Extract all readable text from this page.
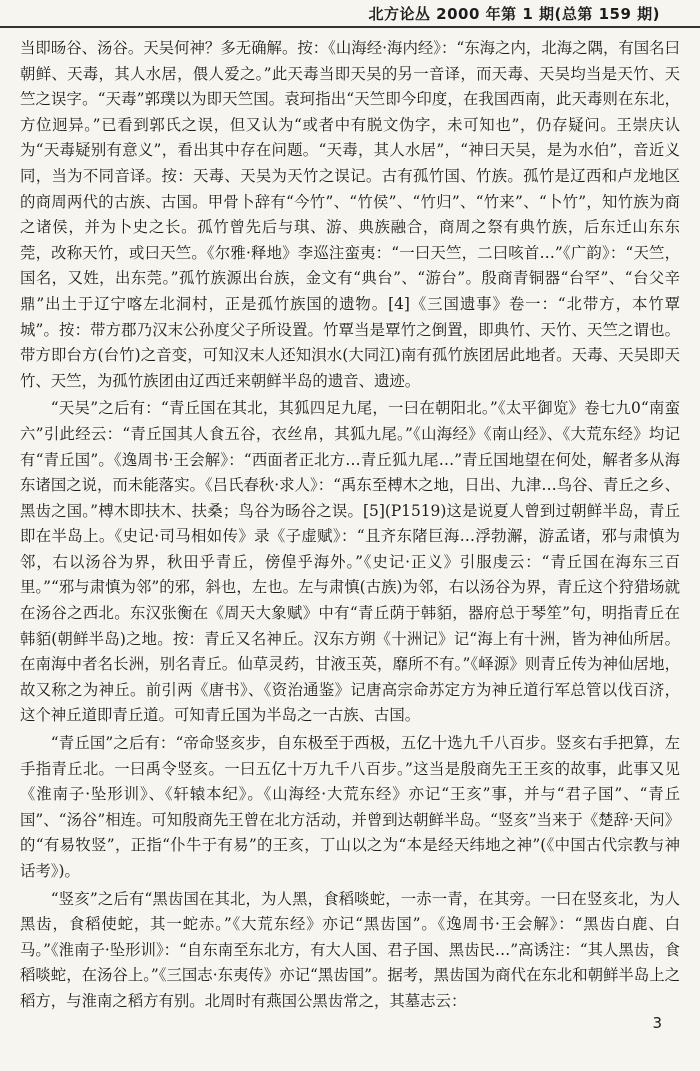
北方论丛 2000 年第 1 期(总第 159 期)

当即旸谷、汤谷。天吴何神？多无确解。按：《山海经·海内经》：“东海之内，北海之隅，有国名曰朝鲜、天毒，其人水居，偎人爱之。”此天毒当即天吴的另一音译，而天毒、天吴均当是天竹、天竺之误字。“天毒”郭璞以为即天竺国。袁珂指出“天竺即今印度，在我国西南，此天毒则在东北，方位迥异。”已看到郭氏之误，但又认为“或者中有脱文伪字，未可知也”，仍存疑问。王崇庆认为“天毒疑别有意义”，看出其中存在问题。“天毒，其人水居”，“神曰天吴，是为水伯”，音近义同，当为不同音译。按：天毒、天吴为天竹之误记。古有孤竹国、竹族。孤竹是辽西和卢龙地区的商周两代的古族、古国。甲骨卜辞有“今竹”、“竹侯”、“竹归”、“竹来”、“卜竹”，知竹族为商之诸侯，并为卜史之长。孤竹曾先后与琪、游、典族融合，商周之祭有典竹族，后东迁山东东莞，改称天竹，或曰天竺。《尔雅·释地》李巡注蛮夷：“一曰天竺，二曰咳首…”《广韵》：“天竺，国名，又姓，出东莞。”孤竹族源出台族，金文有“典台”、“游台”。殷商青铜器“台罕”、“台父辛鼎”出土于辽宁喀左北洞村，正是孤竹族国的遗物。[4]《三国遗事》卷一：“北带方，本竹覃城”。按：带方郡乃汉末公孙度父子所设置。竹覃当是覃竹之倒置，即典竹、天竹、天竺之谓也。带方即台方(台竹)之音变，可知汉末人还知浿水(大同江)南有孤竹族团居此地者。天毒、天吴即天竹、天竺，为孤竹族团由辽西迁来朝鲜半岛的遗音、遗迹。

“天吴”之后有：“青丘国在其北，其狐四足九尾，一曰在朝阳北。”《太平御览》卷七九0“南蛮六”引此经云：“青丘国其人食五谷，衣丝帛，其狐九尾。”《山海经》《南山经》、《大荒东经》均记有“青丘国”。《逸周书·王会解》：“西面者正北方…青丘狐九尾…”青丘国地望在何处，解者多从海东诸国之说，而未能落实。《吕氏春秋·求人》：“禹东至榑木之地，日出、九津…鸟谷、青丘之乡、黑齿之国。”榑木即扶木、扶桑；鸟谷为旸谷之误。[5](P1519)这是说夏人曾到过朝鲜半岛，青丘即在半岛上。《史记·司马相如传》录《子虚赋》：“且齐东陼巨海…浮勃澥，游孟诸，邪与肃慎为邻，右以汤谷为界，秋田乎青丘，傍偟乎海外。”《史记·正义》引服虔云：“青丘国在海东三百里。”“邪与肃慎为邻”的邪，斜也，左也。左与肃慎(古族)为邻，右以汤谷为界，青丘这个狩猎场就在汤谷之西北。东汉张衡在《周天大象赋》中有“青丘荫于韩貊，器府总于琴笙”句，明指青丘在韩貊(朝鲜半岛)之地。按：青丘又名神丘。汉东方朔《十洲记》记“海上有十洲，皆为神仙所居。在南海中者名长洲，别名青丘。仙草灵药，甘液玉英，靡所不有。”《峄源》则青丘传为神仙居地，故又称之为神丘。前引两《唐书》、《资治通鉴》记唐高宗命苏定方为神丘道行军总管以伐百济，这个神丘道即青丘道。可知青丘国为半岛之一古族、古国。

“青丘国”之后有：“帝命竖亥步，自东极至于西极，五亿十选九千八百步。竖亥右手把算，左手指青丘北。一曰禹令竖亥。一曰五亿十万九千八百步。”这当是殷商先王王亥的故事，此事又见《淮南子·坠形训》、《轩辕本纪》。《山海经·大荒东经》亦记“王亥”事，并与“君子国”、“青丘国”、“汤谷”相连。可知殷商先王曾在北方活动，并曾到达朝鲜半岛。“竖亥”当来于《楚辞·天问》的“有易牧竖”，正指“仆牛于有易”的王亥，丁山以之为“本是经天纬地之神”(《中国古代宗教与神话考》)。

“竖亥”之后有“黑齿国在其北，为人黑，食稻啖蛇，一赤一青，在其旁。一曰在竖亥北，为人黑齿，食稻使蛇，其一蛇赤。”《大荒东经》亦记“黑齿国”。《逸周书·王会解》：“黑齿白鹿、白马。”《淮南子·坠形训》：“自东南至东北方，有大人国、君子国、黑齿民…”高诱注：“其人黑齿，食稻啖蛇，在汤谷上。”《三国志·东夷传》亦记“黑齿国”。据考，黑齿国为商代在东北和朝鲜半岛上之稻方，与淮南之稻方有别。北周时有燕国公黑齿常之，其墓志云：

3
